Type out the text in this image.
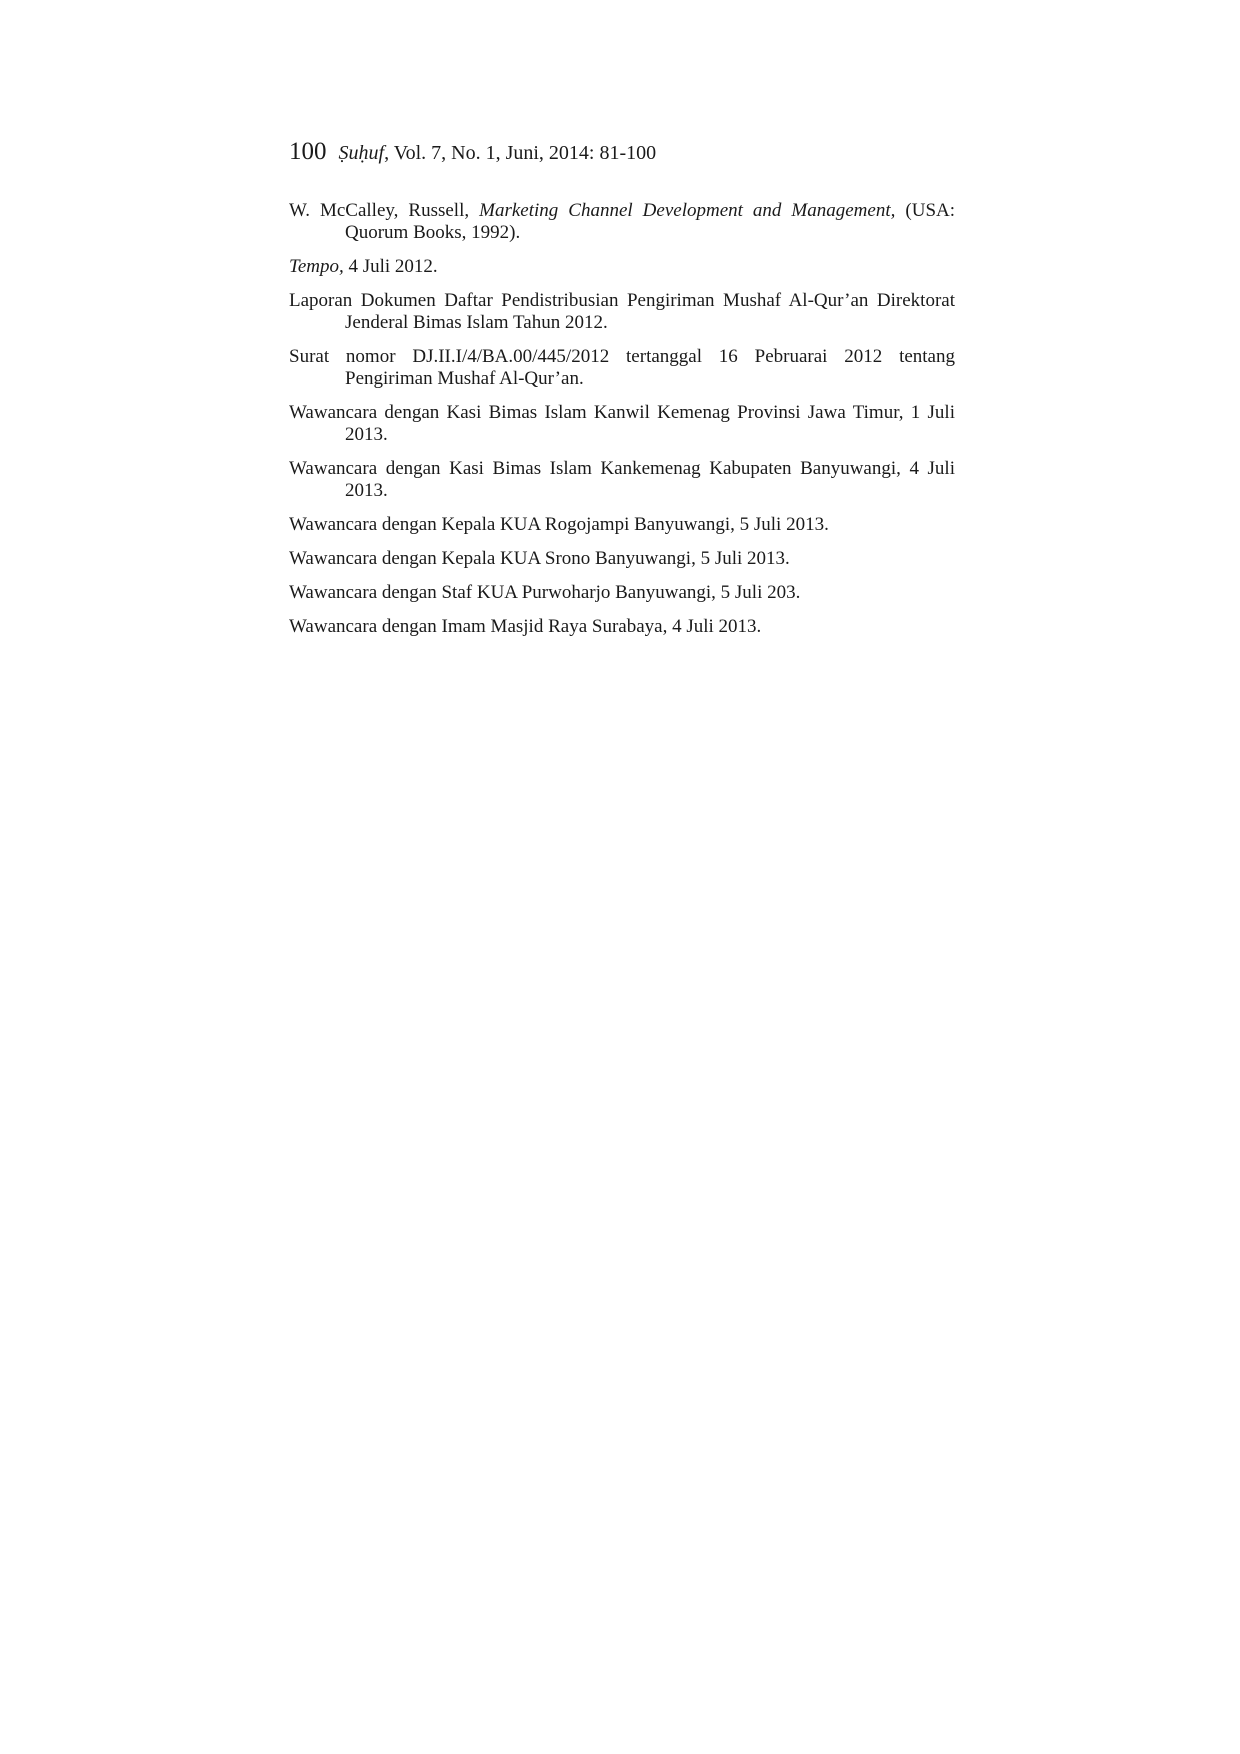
100 Ṣuḥuf, Vol. 7, No. 1, Juni, 2014: 81-100

W. McCalley, Russell, Marketing Channel Development and Management, (USA: Quorum Books, 1992).

Tempo, 4 Juli 2012.

Laporan Dokumen Daftar Pendistribusian Pengiriman Mushaf Al-Qur’an Direktorat Jenderal Bimas Islam Tahun 2012.

Surat nomor DJ.II.I/4/BA.00/445/2012 tertanggal 16 Pebruarai 2012 tentang Pengiriman Mushaf Al-Qur’an.

Wawancara dengan Kasi Bimas Islam Kanwil Kemenag Provinsi Jawa Timur, 1 Juli 2013.

Wawancara dengan Kasi Bimas Islam Kankemenag Kabupaten Banyuwangi, 4 Juli 2013.

Wawancara dengan Kepala KUA Rogojampi Banyuwangi, 5 Juli 2013.

Wawancara dengan Kepala KUA Srono Banyuwangi, 5 Juli 2013.

Wawancara dengan Staf KUA Purwoharjo Banyuwangi, 5 Juli 203.

Wawancara dengan Imam Masjid Raya Surabaya, 4 Juli 2013.
